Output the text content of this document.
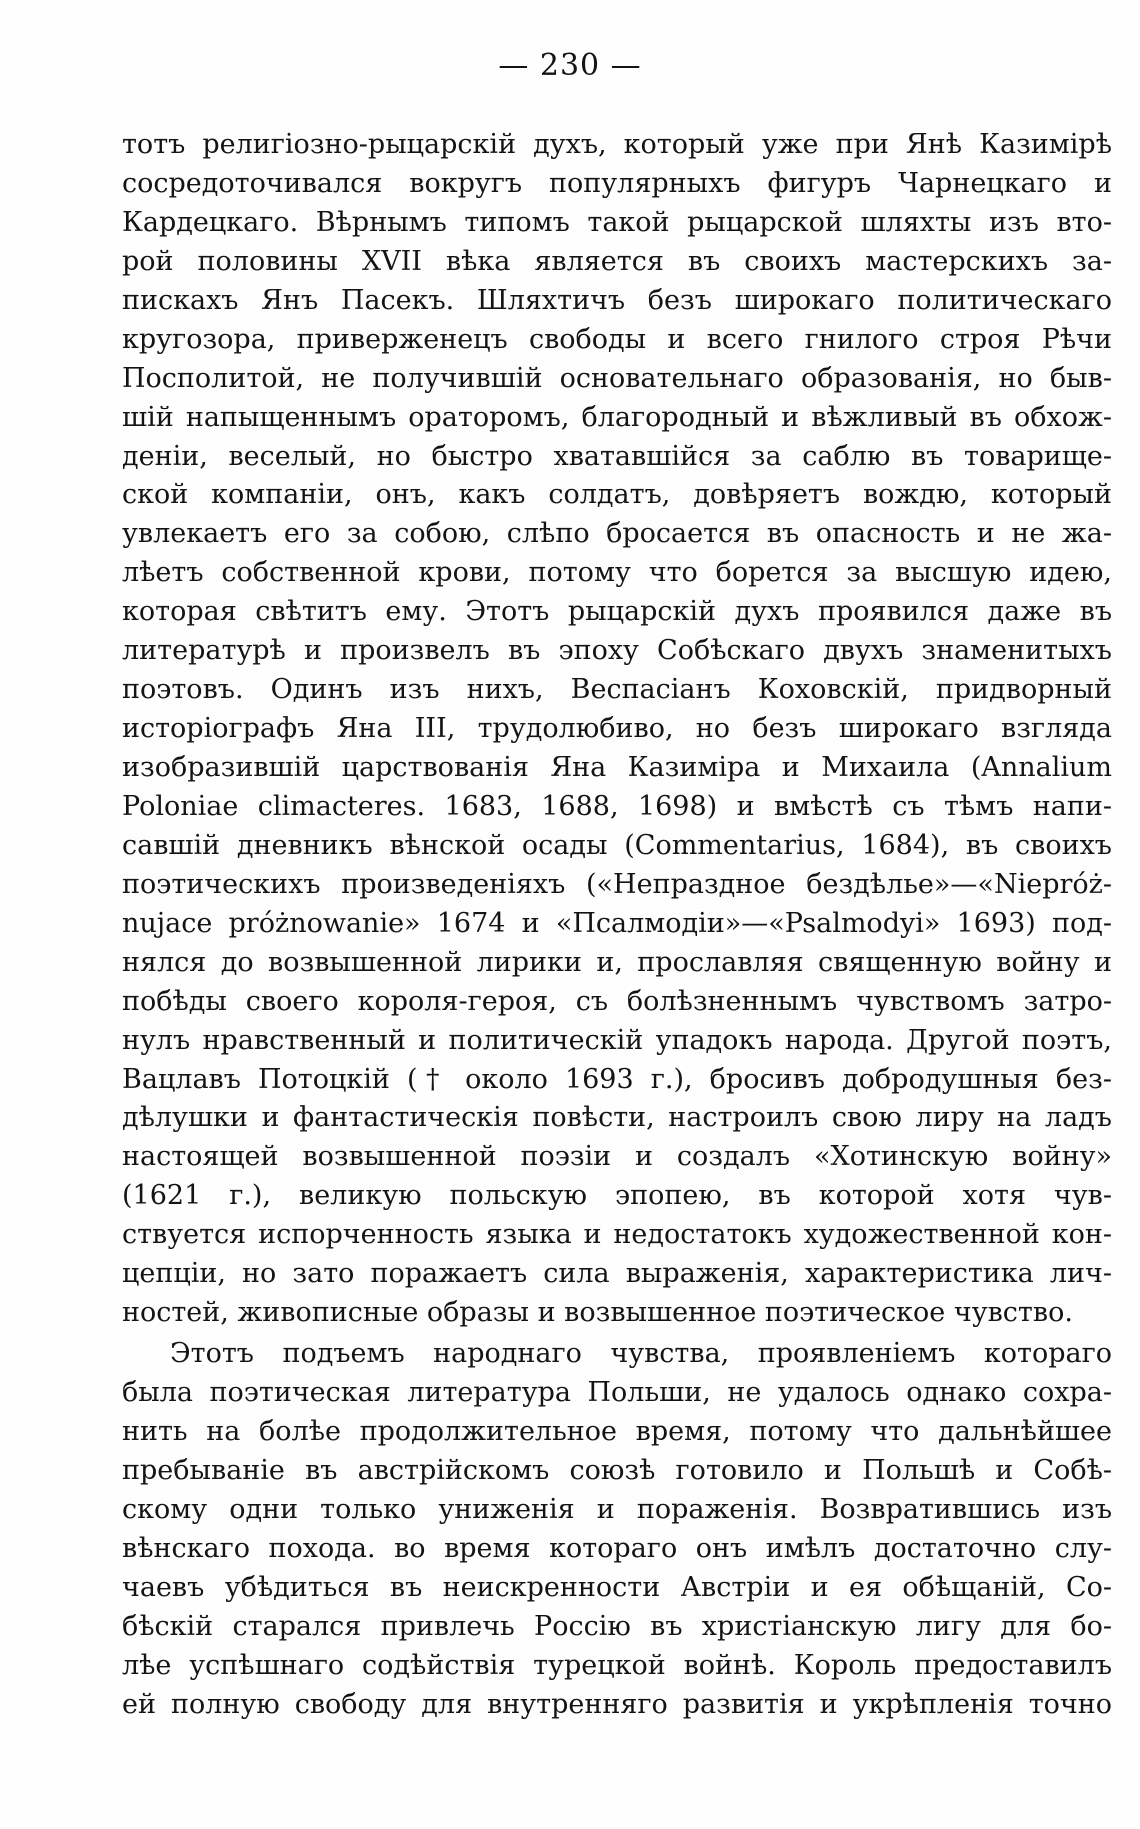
— 230 —
тотъ религіозно-рыцарскій духъ, который уже при Янѣ Казимірѣ
сосредоточивался вокругъ популярныхъ фигуръ Чарнецкаго и
Кардецкаго. Вѣрнымъ типомъ такой рыцарской шляхты изъ вто-
рой половины XVII вѣка является въ своихъ мастерскихъ за-
пискахъ Янъ Пасекъ. Шляхтичъ безъ широкаго политическаго
кругозора, приверженецъ свободы и всего гнилого строя Рѣчи
Посполитой, не получившій основательнаго образованія, но быв-
шій напыщеннымъ ораторомъ, благородный и вѣжливый въ обхож-
деніи, веселый, но быстро хватавшійся за саблю въ товарище-
ской компаніи, онъ, какъ солдатъ, довѣряетъ вождю, который
увлекаетъ его за собою, слѣпо бросается въ опасность и не жа-
лѣетъ собственной крови, потому что борется за высшую идею,
которая свѣтитъ ему. Этотъ рыцарскій духъ проявился даже въ
литературѣ и произвелъ въ эпоху Собѣскаго двухъ знаменитыхъ
поэтовъ. Одинъ изъ нихъ, Веспасіанъ Коховскій, придворный
исторіографъ Яна III, трудолюбиво, но безъ широкаго взгляда
изобразившій царствованія Яна Казиміра и Михаила (Annalium
Poloniae climacteres. 1683, 1688, 1698) и вмѣстѣ съ тѣмъ напи-
савшій дневникъ вѣнской осады (Commentarius, 1684), въ своихъ
поэтическихъ произведеніяхъ («Непраздное бездѣлье»—«Niepróż-
nujace próżnowanie» 1674 и «Псалмодіи»—«Psalmodyi» 1693) под-
нялся до возвышенной лирики и, прославляя священную войну и
побѣды своего короля-героя, съ болѣзненнымъ чувствомъ затро-
нулъ нравственный и политическій упадокъ народа. Другой поэтъ,
Вацлавъ Потоцкій († около 1693 г.), бросивъ добродушныя без-
дѣлушки и фантастическія повѣсти, настроилъ свою лиру на ладъ
настоящей возвышенной поэзіи и создалъ «Хотинскую войну»
(1621 г.), великую польскую эпопею, въ которой хотя чув-
ствуется испорченность языка и недостатокъ художественной кон-
цепціи, но зато поражаетъ сила выраженія, характеристика лич-
ностей, живописные образы и возвышенное поэтическое чувство.
Этотъ подъемъ народнаго чувства, проявленіемъ котораго
была поэтическая литература Польши, не удалось однако сохра-
нить на болѣе продолжительное время, потому что дальнѣйшее
пребываніе въ австрійскомъ союзѣ готовило и Польшѣ и Собѣ-
скому одни только униженія и пораженія. Возвратившись изъ
вѣнскаго похода. во время котораго онъ имѣлъ достаточно слу-
чаевъ убѣдиться въ неискренности Австріи и ея обѣщаній, Со-
бѣскій старался привлечь Россію въ христіанскую лигу для бо-
лѣе успѣшнаго содѣйствія турецкой войнѣ. Король предоставилъ
ей полную свободу для внутренняго развитія и укрѣпленія точно
